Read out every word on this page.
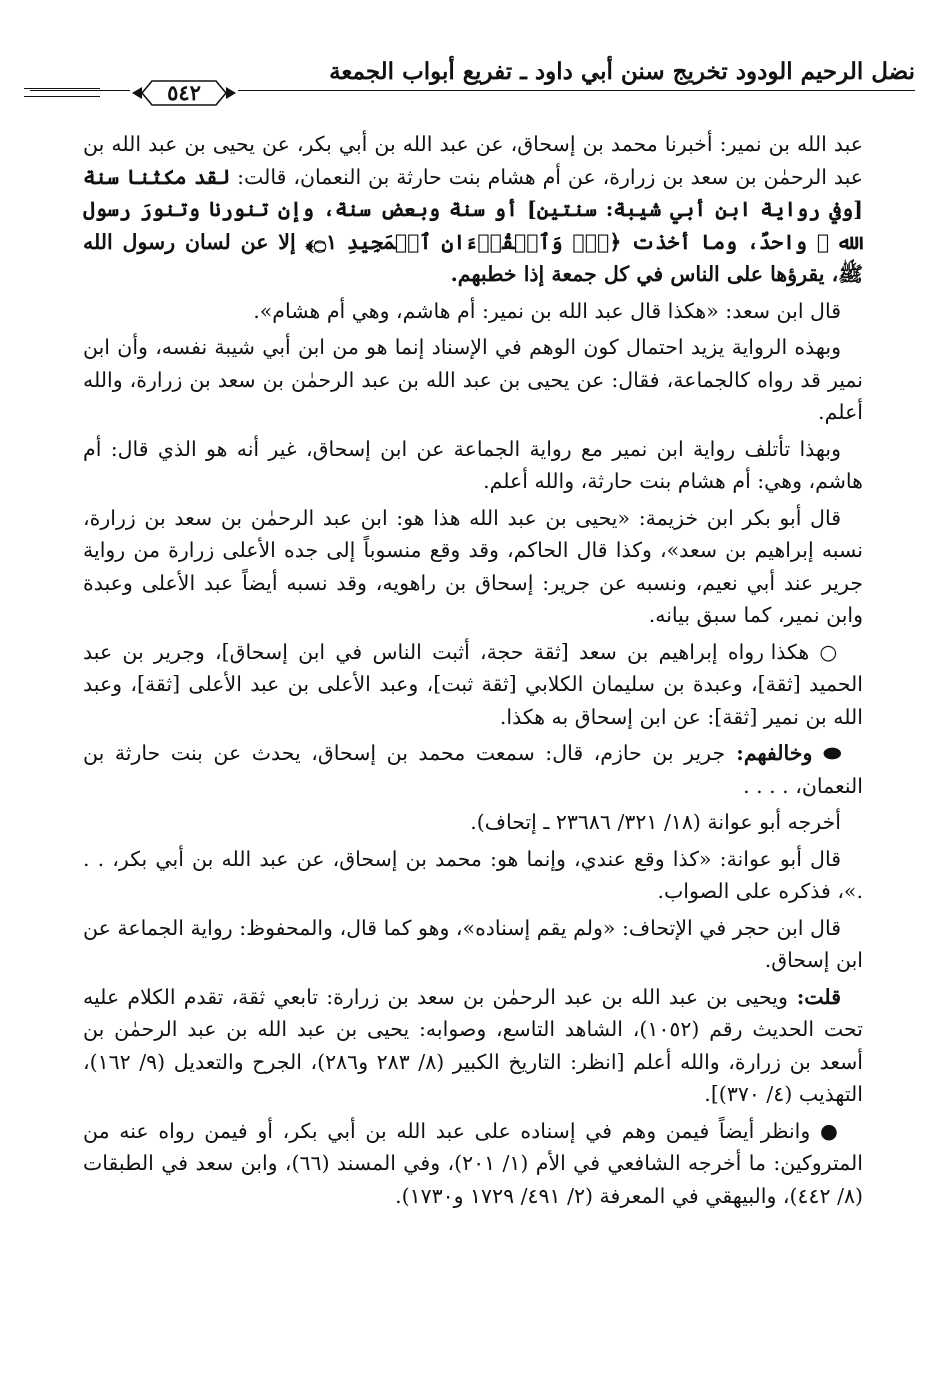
نضل الرحيم الودود تخريج سنن أبي داود ـ تفريع أبواب الجمعة
٥٤٢

عبد الله بن نمير: أخبرنا محمد بن إسحاق، عن عبد الله بن أبي بكر، عن يحيى بن عبد الله بن عبد الرحمٰن بن سعد بن زرارة، عن أم هشام بنت حارثة بن النعمان، قالت: لقد مكثنا سنة [وفي رواية ابن أبي شيبة: سنتين] أو سنة وبعض سنة، وإن تنورنا وتنورَ رسول الله ﷺ واحدٌ، وما أخذت ﴿قٓۚ وَٱلۡقُرۡءَانِ ٱلۡمَجِيدِ ۝١﴾ إلا عن لسان رسول الله ﷺ، يقرؤها على الناس في كل جمعة إذا خطبهم.

قال ابن سعد: «هكذا قال عبد الله بن نمير: أم هاشم، وهي أم هشام».

وبهذه الرواية يزيد احتمال كون الوهم في الإسناد إنما هو من ابن أبي شيبة نفسه، وأن ابن نمير قد رواه كالجماعة، فقال: عن يحيى بن عبد الله بن عبد الرحمٰن بن سعد بن زرارة، والله أعلم.

وبهذا تأتلف رواية ابن نمير مع رواية الجماعة عن ابن إسحاق، غير أنه هو الذي قال: أم هاشم، وهي: أم هشام بنت حارثة، والله أعلم.

قال أبو بكر ابن خزيمة: «يحيى بن عبد الله هذا هو: ابن عبد الرحمٰن بن سعد بن زرارة، نسبه إبراهيم بن سعد»، وكذا قال الحاكم، وقد وقع منسوباً إلى جده الأعلى زرارة من رواية جرير عند أبي نعيم، ونسبه عن جرير: إسحاق بن راهويه، وقد نسبه أيضاً عبد الأعلى وعبدة وابن نمير، كما سبق بيانه.

○ هكذا رواه إبراهيم بن سعد [ثقة حجة، أثبت الناس في ابن إسحاق]، وجرير بن عبد الحميد [ثقة]، وعبدة بن سليمان الكلابي [ثقة ثبت]، وعبد الأعلى بن عبد الأعلى [ثقة]، وعبد الله بن نمير [ثقة]: عن ابن إسحاق به هكذا.

⬬ وخالفهم: جرير بن حازم، قال: سمعت محمد بن إسحاق، يحدث عن بنت حارثة بن النعمان، . . . .

أخرجه أبو عوانة (١٨/ ٣٢١/ ٢٣٦٨٦ ـ إتحاف).

قال أبو عوانة: «كذا وقع عندي، وإنما هو: محمد بن إسحاق، عن عبد الله بن أبي بكر، . . .»، فذكره على الصواب.

قال ابن حجر في الإتحاف: «ولم يقم إسناده»، وهو كما قال، والمحفوظ: رواية الجماعة عن ابن إسحاق.

قلت: ويحيى بن عبد الله بن عبد الرحمٰن بن سعد بن زرارة: تابعي ثقة، تقدم الكلام عليه تحت الحديث رقم (١٠٥٢)، الشاهد التاسع، وصوابه: يحيى بن عبد الله بن عبد الرحمٰن بن أسعد بن زرارة، والله أعلم [انظر: التاريخ الكبير (٨/ ٢٨٣ و٢٨٦)، الجرح والتعديل (٩/ ١٦٢)، التهذيب (٤/ ٣٧٠)].

● وانظر أيضاً فيمن وهم في إسناده على عبد الله بن أبي بكر، أو فيمن رواه عنه من المتروكين: ما أخرجه الشافعي في الأم (١/ ٢٠١)، وفي المسند (٦٦)، وابن سعد في الطبقات (٨/ ٤٤٢)، والبيهقي في المعرفة (٢/ ٤٩١/ ١٧٢٩ و١٧٣٠).
